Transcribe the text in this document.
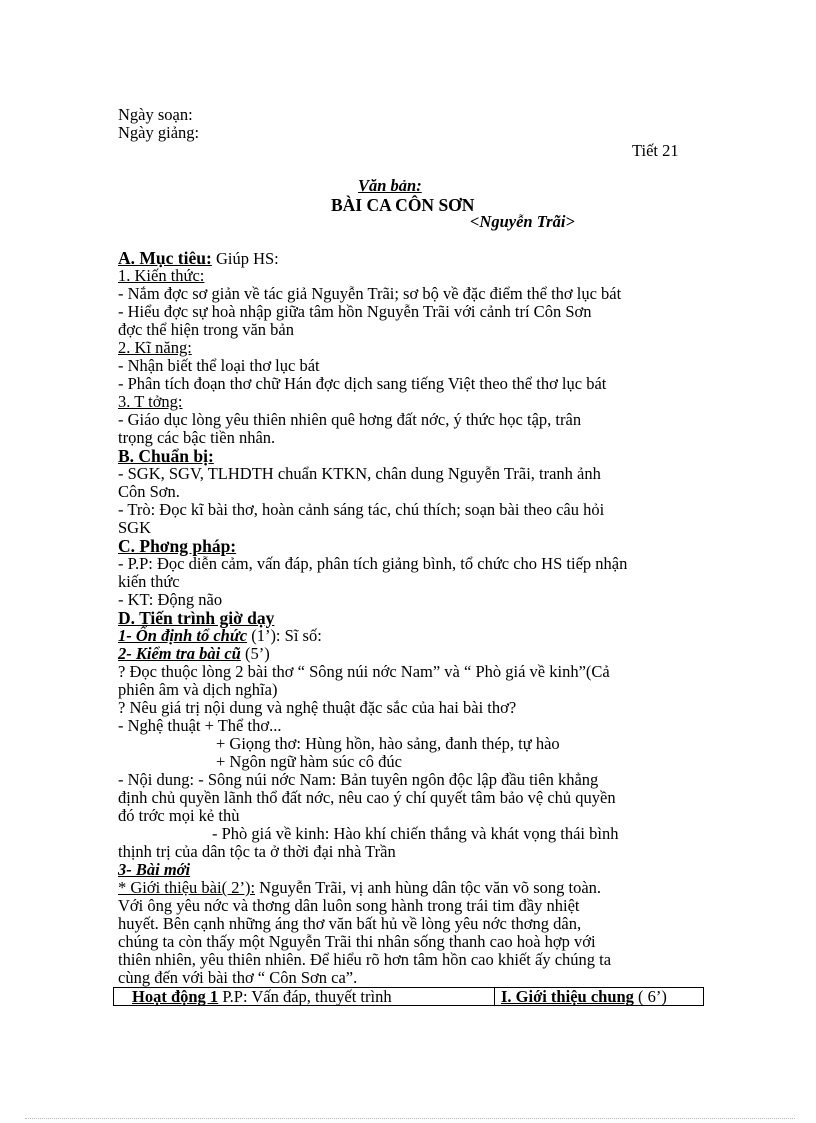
Ngày soạn:
Ngày giảng:
Tiết 21
Văn bản:
BÀI CA CÔN SƠN
<Nguyễn Trãi>
A. Mục tiêu: Giúp HS:
1. Kiến thức:
- Nắm đợc sơ giản về tác giả Nguyễn Trãi; sơ bộ về đặc điểm thể thơ lục bát
- Hiểu đợc sự hoà nhập giữa tâm hồn Nguyễn Trãi với cảnh trí Côn Sơn
đợc thể hiện trong văn bản
2. Kĩ năng:
- Nhận biết thể loại thơ lục bát
- Phân tích đoạn thơ chữ Hán đợc dịch sang tiếng Việt theo thể thơ lục bát
3. T tởng:
- Giáo dục lòng yêu thiên nhiên quê hơng đất nớc, ý thức học tập, trân
trọng các bậc tiền nhân.
B. Chuẩn bị:
- SGK, SGV, TLHDTH chuẩn KTKN, chân dung Nguyễn Trãi, tranh ảnh
Côn Sơn.
- Trò: Đọc kĩ bài thơ, hoàn cảnh sáng tác, chú thích; soạn bài theo câu hỏi
SGK
C. Phơng pháp:
- P.P: Đọc diễn cảm, vấn đáp, phân tích giảng bình, tổ chức cho HS tiếp nhận
kiến thức
- KT: Động não
D. Tiến trình giờ dạy
1- Ổn định tổ chức (1’): Sĩ số:
2- Kiểm tra bài cũ (5’)
? Đọc thuộc lòng 2 bài thơ “ Sông núi nớc Nam” và “ Phò giá về kinh”(Cả
phiên âm và dịch nghĩa)
? Nêu giá trị nội dung và nghệ thuật đặc sắc của hai bài thơ?
- Nghệ thuật + Thể thơ...
+ Giọng thơ: Hùng hồn, hào sảng, đanh thép, tự hào
+ Ngôn ngữ hàm súc cô đúc
- Nội dung: - Sông núi nớc Nam: Bản tuyên ngôn độc lập đầu tiên khẳng
định chủ quyền lãnh thổ đất nớc, nêu cao ý chí quyết tâm bảo vệ chủ quyền
đó trớc mọi kẻ thù
- Phò giá về kinh: Hào khí chiến thắng và khát vọng thái bình
thịnh trị của dân tộc ta ở thời đại nhà Trần
3- Bài mới
* Giới thiệu bài( 2’): Nguyễn Trãi, vị anh hùng dân tộc văn võ song toàn.
Với ông yêu nớc và thơng dân luôn song hành trong trái tim đầy nhiệt
huyết. Bên cạnh những áng thơ văn bất hủ về lòng yêu nớc thơng dân,
chúng ta còn thấy một Nguyễn Trãi thi nhân sống thanh cao hoà hợp với
thiên nhiên, yêu thiên nhiên. Để hiểu rõ hơn tâm hồn cao khiết ấy chúng ta
cùng đến với bài thơ “ Côn Sơn ca”.
Hoạt động 1 P.P: Vấn đáp, thuyết trình	I. Giới thiệu chung ( 6’)
